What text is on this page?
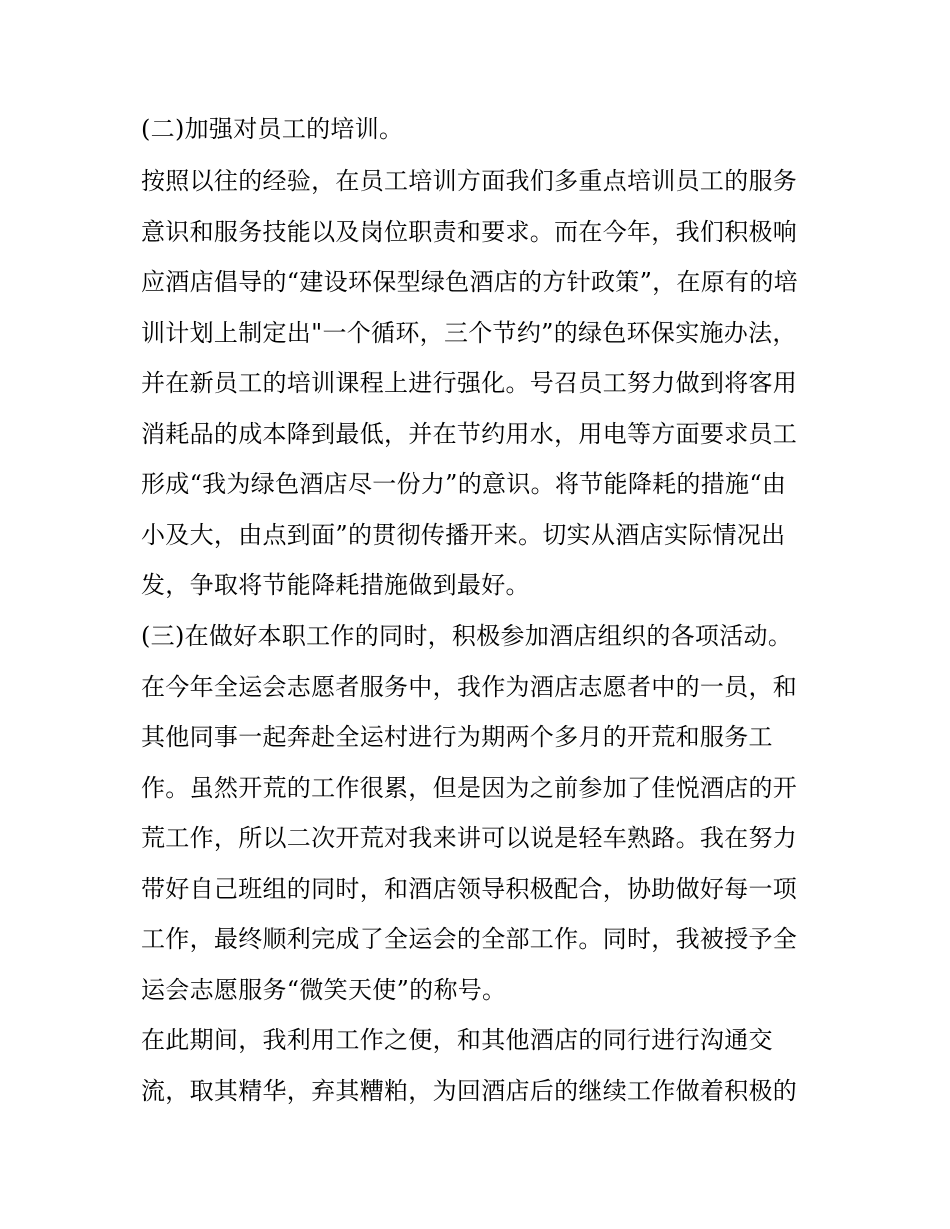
(二)加强对员工的培训。
按照以往的经验，在员工培训方面我们多重点培训员工的服务
意识和服务技能以及岗位职责和要求。而在今年，我们积极响
应酒店倡导的“建设环保型绿色酒店的方针政策”，在原有的培
训计划上制定出"一个循环，三个节约”的绿色环保实施办法，
并在新员工的培训课程上进行强化。号召员工努力做到将客用
消耗品的成本降到最低，并在节约用水，用电等方面要求员工
形成“我为绿色酒店尽一份力”的意识。将节能降耗的措施“由
小及大，由点到面”的贯彻传播开来。切实从酒店实际情况出
发，争取将节能降耗措施做到最好。
(三)在做好本职工作的同时，积极参加酒店组织的各项活动。
在今年全运会志愿者服务中，我作为酒店志愿者中的一员，和
其他同事一起奔赴全运村进行为期两个多月的开荒和服务工
作。虽然开荒的工作很累，但是因为之前参加了佳悦酒店的开
荒工作，所以二次开荒对我来讲可以说是轻车熟路。我在努力
带好自己班组的同时，和酒店领导积极配合，协助做好每一项
工作，最终顺利完成了全运会的全部工作。同时，我被授予全
运会志愿服务“微笑天使”的称号。
在此期间，我利用工作之便，和其他酒店的同行进行沟通交
流，取其精华，弃其糟粕，为回酒店后的继续工作做着积极的
